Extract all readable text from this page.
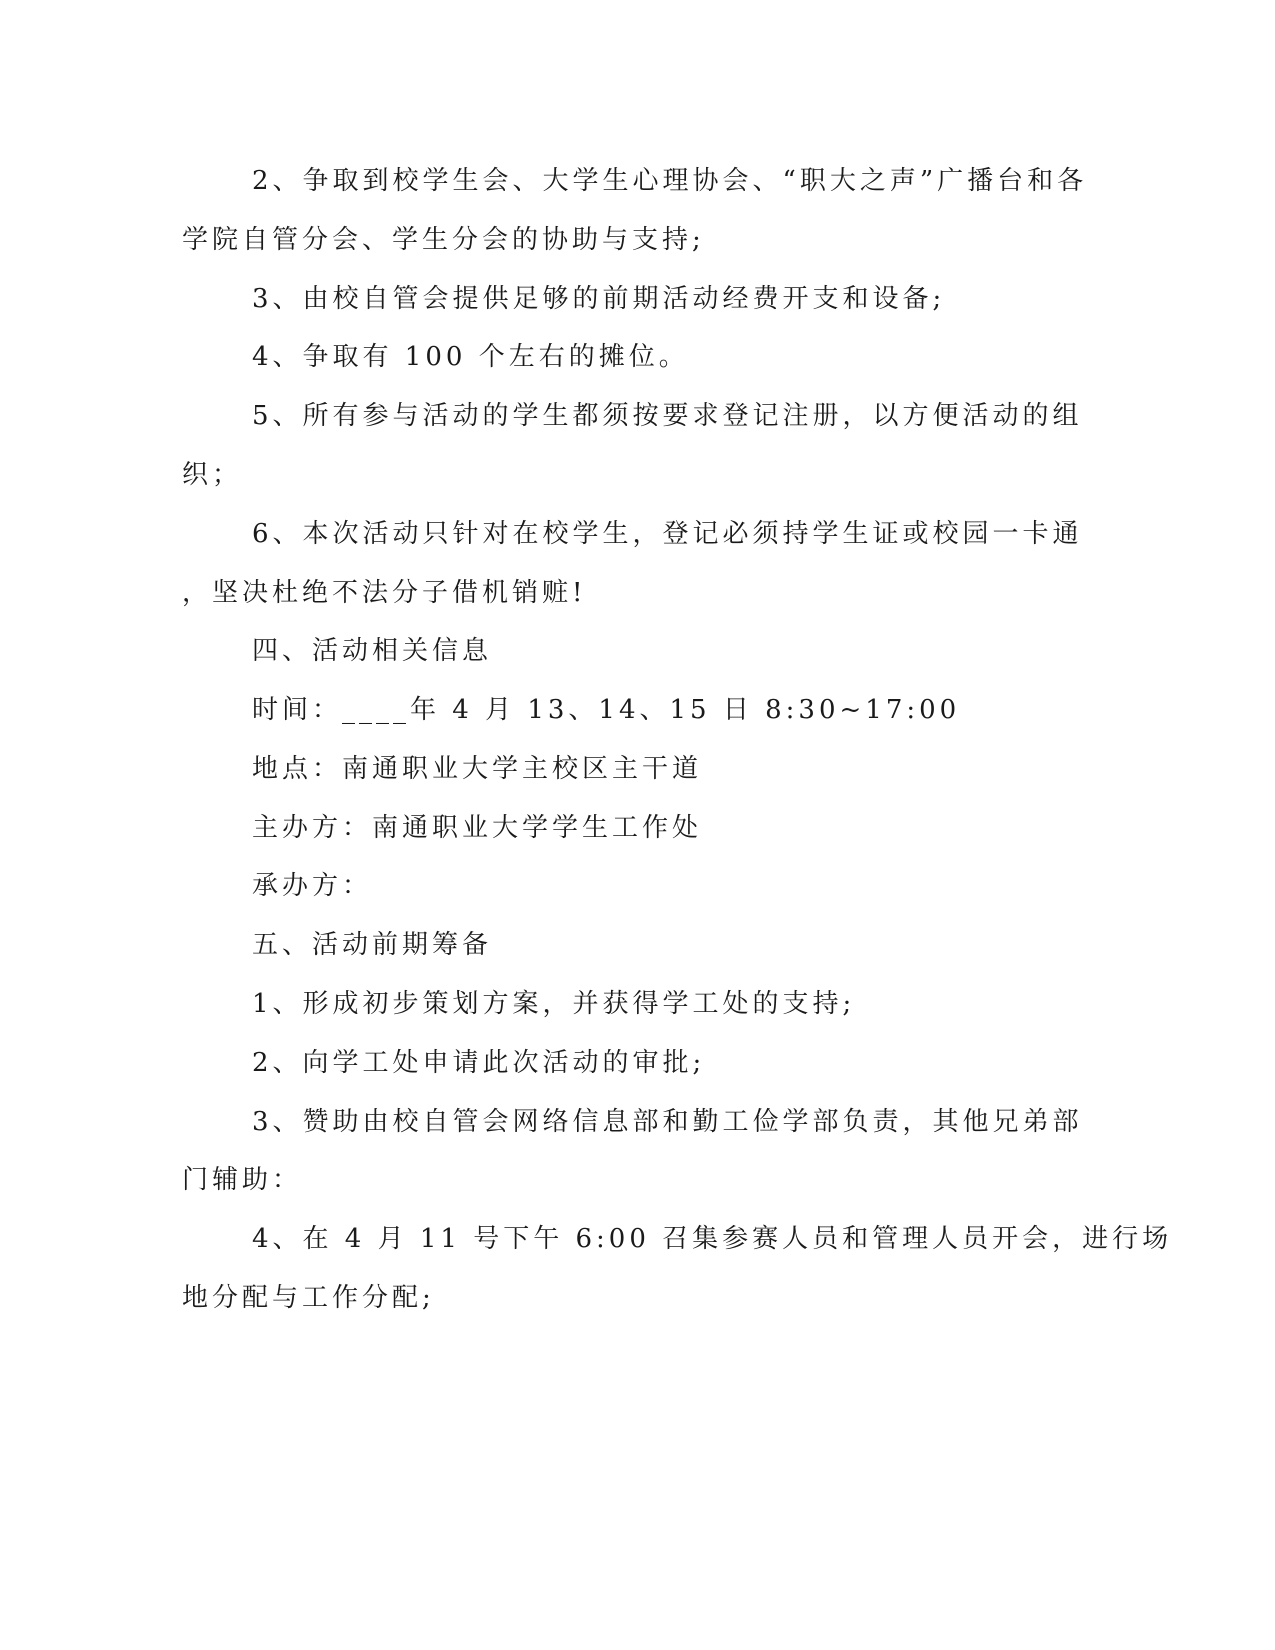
2、争取到校学生会、大学生心理协会、“职大之声”广播台和各
学院自管分会、学生分会的协助与支持;
3、由校自管会提供足够的前期活动经费开支和设备;
4、争取有 100 个左右的摊位。
5、所有参与活动的学生都须按要求登记注册，以方便活动的组
织；
6、本次活动只针对在校学生，登记必须持学生证或校园一卡通
，坚决杜绝不法分子借机销赃!
四、活动相关信息
时间：____年 4 月 13、14、15 日 8:30~17:00
地点：南通职业大学主校区主干道
主办方：南通职业大学学生工作处
承办方：
五、活动前期筹备
1、形成初步策划方案，并获得学工处的支持;
2、向学工处申请此次活动的审批;
3、赞助由校自管会网络信息部和勤工俭学部负责，其他兄弟部
门辅助：
4、在 4 月 11 号下午 6:00 召集参赛人员和管理人员开会，进行场
地分配与工作分配;
